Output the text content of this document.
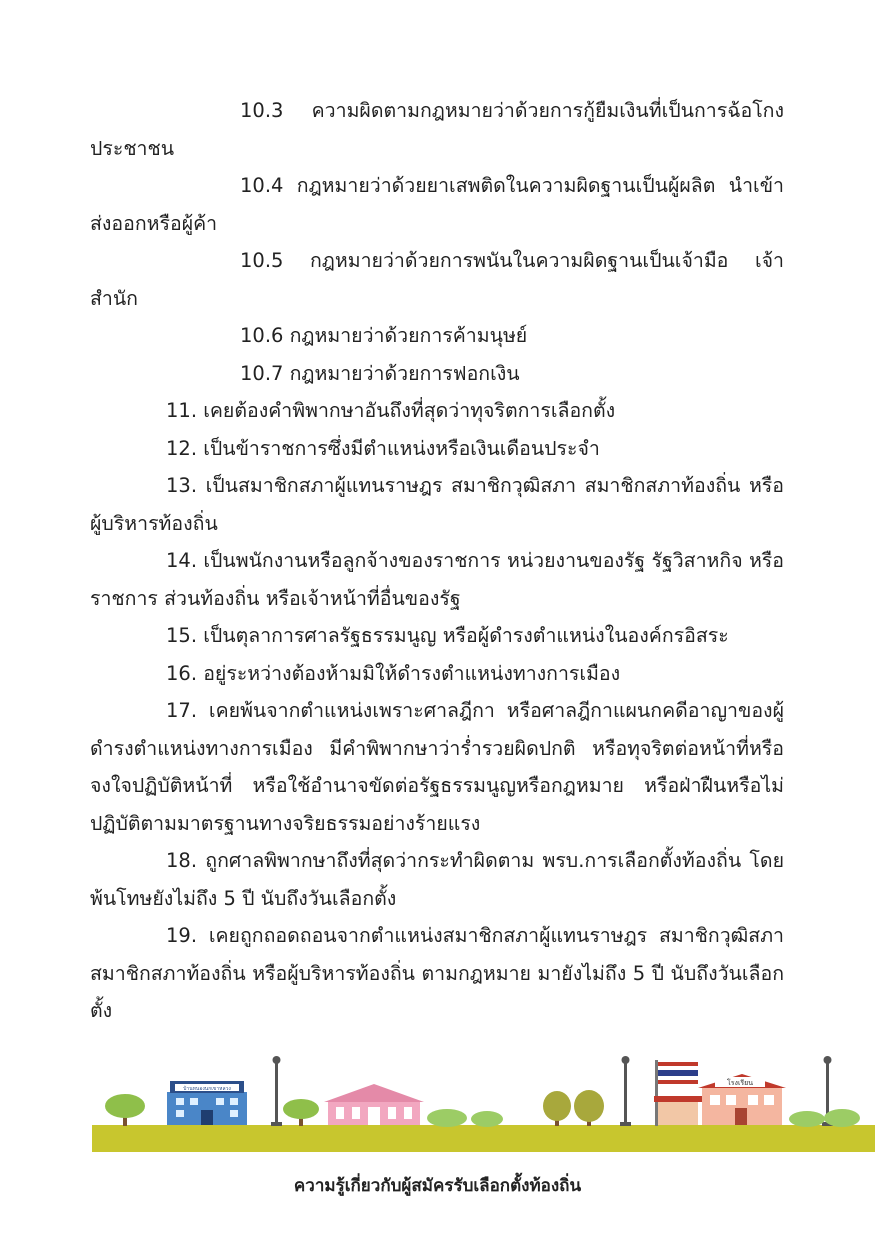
10.3 ความผิดตามกฎหมายว่าด้วยการกู้ยืมเงินที่เป็นการฉ้อโกงประชาชน

10.4 กฎหมายว่าด้วยยาเสพติดในความผิดฐานเป็นผู้ผลิต นำเข้า ส่งออกหรือผู้ค้า

10.5 กฎหมายว่าด้วยการพนันในความผิดฐานเป็นเจ้ามือ เจ้าสำนัก

10.6 กฎหมายว่าด้วยการค้ามนุษย์

10.7 กฎหมายว่าด้วยการฟอกเงิน

11. เคยต้องคำพิพากษาอันถึงที่สุดว่าทุจริตการเลือกตั้ง

12. เป็นข้าราชการซึ่งมีตำแหน่งหรือเงินเดือนประจำ

13. เป็นสมาชิกสภาผู้แทนราษฎร สมาชิกวุฒิสภา สมาชิกสภาท้องถิ่น หรือผู้บริหารท้องถิ่น

14. เป็นพนักงานหรือลูกจ้างของราชการ หน่วยงานของรัฐ รัฐวิสาหกิจ หรือราชการ ส่วนท้องถิ่น หรือเจ้าหน้าที่อื่นของรัฐ

15. เป็นตุลาการศาลรัฐธรรมนูญ หรือผู้ดำรงตำแหน่งในองค์กรอิสระ

16. อยู่ระหว่างต้องห้ามมิให้ดำรงตำแหน่งทางการเมือง

17. เคยพ้นจากตำแหน่งเพราะศาลฎีกา หรือศาลฎีกาแผนกคดีอาญาของผู้ดำรงตำแหน่งทางการเมือง มีคำพิพากษาว่าร่ำรวยผิดปกติ หรือทุจริตต่อหน้าที่หรือจงใจปฏิบัติหน้าที่ หรือใช้อำนาจขัดต่อรัฐธรรมนูญหรือกฎหมาย หรือฝ่าฝืนหรือไม่ปฏิบัติตามมาตรฐานทางจริยธรรมอย่างร้ายแรง

18. ถูกศาลพิพากษาถึงที่สุดว่ากระทำผิดตาม พรบ.การเลือกตั้งท้องถิ่น โดยพ้นโทษยังไม่ถึง 5 ปี นับถึงวันเลือกตั้ง

19. เคยถูกถอดถอนจากตำแหน่งสมาชิกสภาผู้แทนราษฎร สมาชิกวุฒิสภา สมาชิกสภาท้องถิ่น หรือผู้บริหารท้องถิ่น ตามกฎหมาย มายังไม่ถึง 5 ปี นับถึงวันเลือกตั้ง

บ้านหนองนกเขาหลวง
โรงเรียน
ความรู้เกี่ยวกับผู้สมัครรับเลือกตั้งท้องถิ่น
